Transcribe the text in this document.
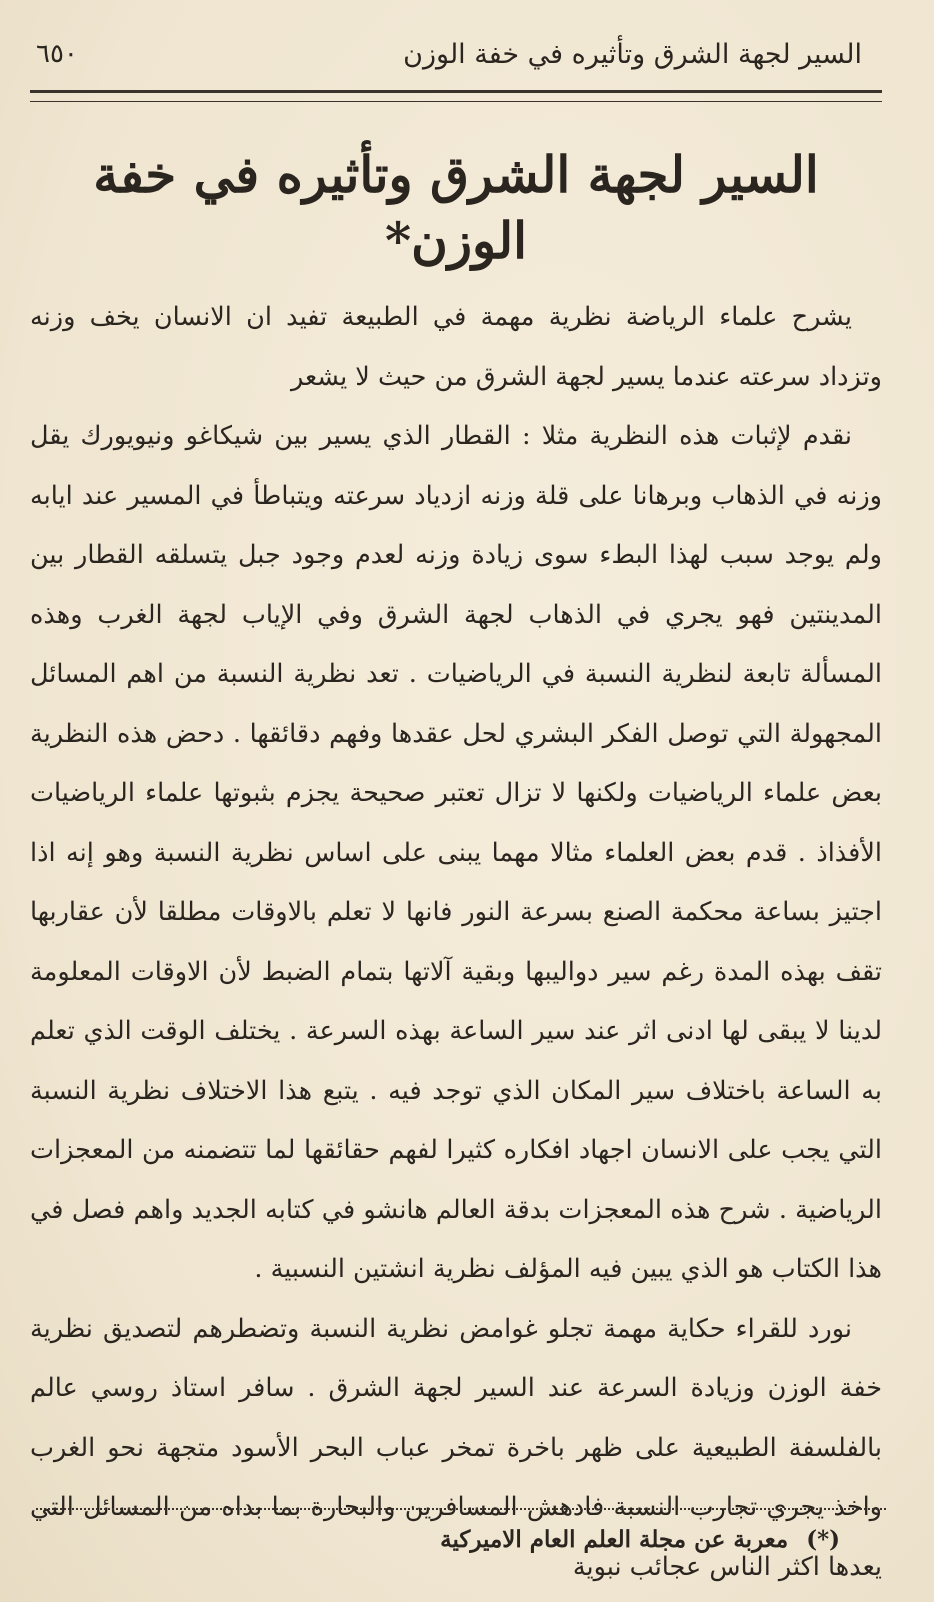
السير لجهة الشرق وتأثيره في خفة الوزن
٦٥٠
السير لجهة الشرق وتأثيره في خفة الوزن*

يشرح علماء الرياضة نظرية مهمة في الطبيعة تفيد ان الانسان يخف وزنه وتزداد سرعته عندما يسير لجهة الشرق من حيث لا يشعر

نقدم لإثبات هذه النظرية مثلا : القطار الذي يسير بين شيكاغو ونيويورك يقل وزنه في الذهاب وبرهانا على قلة وزنه ازدياد سرعته ويتباطأ في المسير عند ايابه ولم يوجد سبب لهذا البطء سوى زيادة وزنه لعدم وجود جبل يتسلقه القطار بين المدينتين فهو يجري في الذهاب لجهة الشرق وفي الإياب لجهة الغرب وهذه المسألة تابعة لنظرية النسبة في الرياضيات . تعد نظرية النسبة من اهم المسائل المجهولة التي توصل الفكر البشري لحل عقدها وفهم دقائقها . دحض هذه النظرية بعض علماء الرياضيات ولكنها لا تزال تعتبر صحيحة يجزم بثبوتها علماء الرياضيات الأفذاذ . قدم بعض العلماء مثالا مهما يبنى على اساس نظرية النسبة وهو إنه اذا اجتيز بساعة محكمة الصنع بسرعة النور فانها لا تعلم بالاوقات مطلقا لأن عقاربها تقف بهذه المدة رغم سير دواليبها وبقية آلاتها بتمام الضبط لأن الاوقات المعلومة لدينا لا يبقى لها ادنى اثر عند سير الساعة بهذه السرعة . يختلف الوقت الذي تعلم به الساعة باختلاف سير المكان الذي توجد فيه . يتبع هذا الاختلاف نظرية النسبة التي يجب على الانسان اجهاد افكاره كثيرا لفهم حقائقها لما تتضمنه من المعجزات الرياضية . شرح هذه المعجزات بدقة العالم هانشو في كتابه الجديد واهم فصل في هذا الكتاب هو الذي يبين فيه المؤلف نظرية انشتين النسبية .

نورد للقراء حكاية مهمة تجلو غوامض نظرية النسبة وتضطرهم لتصديق نظرية خفة الوزن وزيادة السرعة عند السير لجهة الشرق . سافر استاذ روسي عالم بالفلسفة الطبيعية على ظهر باخرة تمخر عباب البحر الأسود متجهة نحو الغرب واخذ يجري تجارب النسبة فادهش المسافرين والبحارة بما بداه من المسائل التي يعدها اكثر الناس عجائب نبوية

(*) معربة عن مجلة العلم العام الاميركية
